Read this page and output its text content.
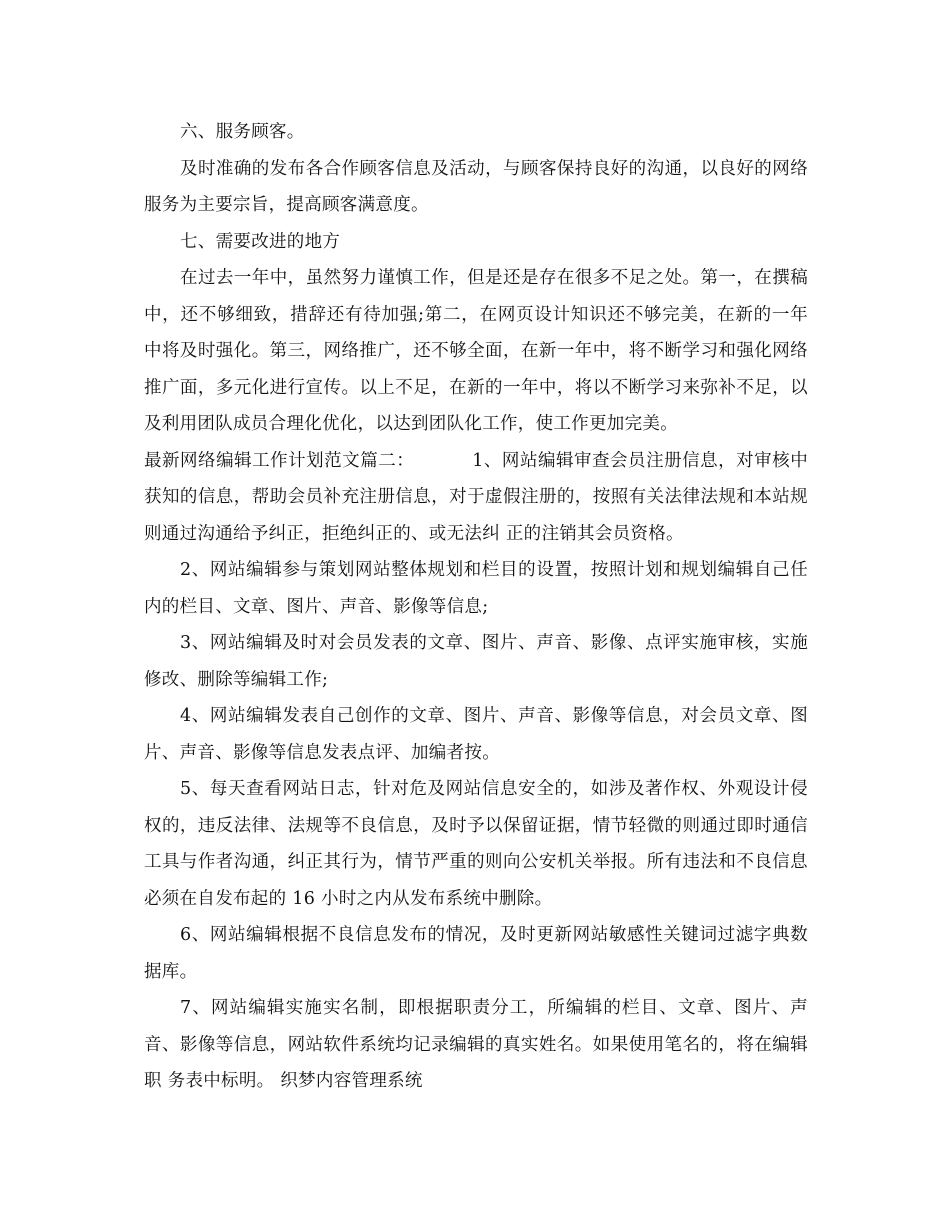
六、服务顾客。

及时准确的发布各合作顾客信息及活动，与顾客保持良好的沟通，以良好的网络服务为主要宗旨，提高顾客满意度。

七、需要改进的地方

在过去一年中，虽然努力谨慎工作，但是还是存在很多不足之处。第一，在撰稿中，还不够细致，措辞还有待加强;第二，在网页设计知识还不够完美，在新的一年中将及时强化。第三，网络推广，还不够全面，在新一年中，将不断学习和强化网络推广面，多元化进行宣传。以上不足，在新的一年中，将以不断学习来弥补不足，以及利用团队成员合理化优化，以达到团队化工作，使工作更加完美。

最新网络编辑工作计划范文篇二：	1、网站编辑审查会员注册信息，对审核中获知的信息，帮助会员补充注册信息，对于虚假注册的，按照有关法律法规和本站规则通过沟通给予纠正，拒绝纠正的、或无法纠 正的注销其会员资格。

2、网站编辑参与策划网站整体规划和栏目的设置，按照计划和规划编辑自己任内的栏目、文章、图片、声音、影像等信息;

3、网站编辑及时对会员发表的文章、图片、声音、影像、点评实施审核，实施修改、删除等编辑工作;

4、网站编辑发表自己创作的文章、图片、声音、影像等信息，对会员文章、图片、声音、影像等信息发表点评、加编者按。

5、每天查看网站日志，针对危及网站信息安全的，如涉及著作权、外观设计侵权的，违反法律、法规等不良信息，及时予以保留证据，情节轻微的则通过即时通信 工具与作者沟通，纠正其行为，情节严重的则向公安机关举报。所有违法和不良信息必须在自发布起的 16 小时之内从发布系统中删除。

6、网站编辑根据不良信息发布的情况，及时更新网站敏感性关键词过滤字典数据库。

7、网站编辑实施实名制，即根据职责分工，所编辑的栏目、文章、图片、声音、影像等信息，网站软件系统均记录编辑的真实姓名。如果使用笔名的，将在编辑职 务表中标明。 织梦内容管理系统
